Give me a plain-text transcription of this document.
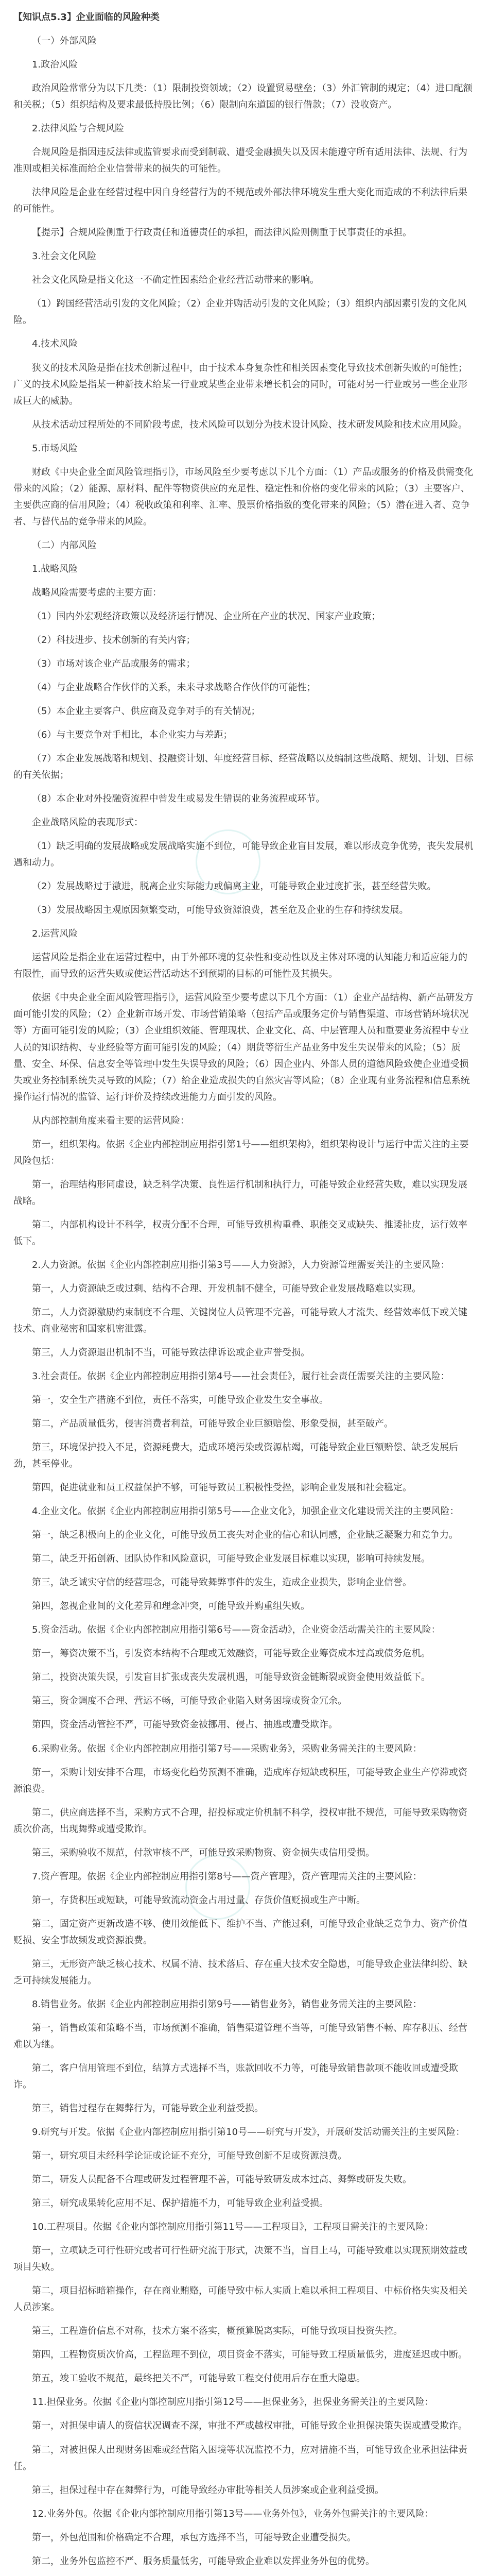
【知识点5.3】企业面临的风险种类

（一）外部风险

1.政治风险

政治风险常常分为以下几类：（1）限制投资领域；（2）设置贸易壁垒；（3）外汇管制的规定；（4）进口配额和关税；（5）组织结构及要求最低持股比例；（6）限制向东道国的银行借款；（7）没收资产。

2.法律风险与合规风险

合规风险是指因违反法律或监管要求而受到制裁、遭受金融损失以及因未能遵守所有适用法律、法规、行为准则或相关标准而给企业信誉带来的损失的可能性。

法律风险是企业在经营过程中因自身经营行为的不规范或外部法律环境发生重大变化而造成的不利法律后果的可能性。

【提示】合规风险侧重于行政责任和道德责任的承担，而法律风险则侧重于民事责任的承担。

3.社会文化风险

社会文化风险是指文化这一不确定性因素给企业经营活动带来的影响。

（1）跨国经营活动引发的文化风险；（2）企业并购活动引发的文化风险；（3）组织内部因素引发的文化风险。

4.技术风险

狭义的技术风险是指在技术创新过程中，由于技术本身复杂性和相关因素变化导致技术创新失败的可能性；广义的技术风险是指某一种新技术给某一行业或某些企业带来增长机会的同时，可能对另一行业或另一些企业形成巨大的威胁。

从技术活动过程所处的不同阶段考虑，技术风险可以划分为技术设计风险、技术研发风险和技术应用风险。

5.市场风险

财政《中央企业全面风险管理指引》，市场风险至少要考虑以下几个方面：（1）产品或服务的价格及供需变化带来的风险；（2）能源、原材料、配件等物资供应的充足性、稳定性和价格的变化带来的风险；（3）主要客户、主要供应商的信用风险；（4）税收政策和利率、汇率、股票价格指数的变化带来的风险；（5）潜在进入者、竞争者、与替代品的竞争带来的风险。

（二）内部风险

1.战略风险

战略风险需要考虑的主要方面：

（1）国内外宏观经济政策以及经济运行情况、企业所在产业的状况、国家产业政策；

（2）科技进步、技术创新的有关内容；

（3）市场对该企业产品或服务的需求；

（4）与企业战略合作伙伴的关系，未来寻求战略合作伙伴的可能性；

（5）本企业主要客户、供应商及竞争对手的有关情况；

（6）与主要竞争对手相比，本企业实力与差距；

（7）本企业发展战略和规划、投融资计划、年度经营目标、经营战略以及编制这些战略、规划、计划、目标的有关依据；

（8）本企业对外投融资流程中曾发生或易发生错误的业务流程或环节。

企业战略风险的表现形式：

（1）缺乏明确的发展战略或发展战略实施不到位，可能导致企业盲目发展，难以形成竞争优势，丧失发展机遇和动力。

（2）发展战略过于激进，脱离企业实际能力或偏离主业，可能导致企业过度扩张，甚至经营失败。

（3）发展战略因主观原因频繁变动，可能导致资源浪费，甚至危及企业的生存和持续发展。

2.运营风险

运营风险是指企业在运营过程中，由于外部环境的复杂性和变动性以及主体对环境的认知能力和适应能力的有限性，而导致的运营失败或使运营活动达不到预期的目标的可能性及其损失。

依据《中央企业全面风险管理指引》，运营风险至少要考虑以下几个方面：（1）企业产品结构、新产品研发方面可能引发的风险；（2）企业新市场开发、市场营销策略（包括产品或服务定价与销售渠道、市场营销环境状况等）方面可能引发的风险；（3）企业组织效能、管理现状、企业文化、高、中层管理人员和重要业务流程中专业人员的知识结构、专业经验等方面可能引发的风险；（4）期货等衍生产品业务中发生失误带来的风险；（5）质量、安全、环保、信息安全等管理中发生失误导致的风险；（6）因企业内、外部人员的道德风险致使企业遭受损失或业务控制系统失灵导致的风险；（7）给企业造成损失的自然灾害等风险；（8）企业现有业务流程和信息系统操作运行情况的监管、运行评价及持续改进能力方面引发的风险。

从内部控制角度来看主要的运营风险：

第一，组织架构。依据《企业内部控制应用指引第1号——组织架构》，组织架构设计与运行中需关注的主要风险包括：

第一，治理结构形同虚设，缺乏科学决策、良性运行机制和执行力，可能导致企业经营失败，难以实现发展战略。

第二，内部机构设计不科学，权责分配不合理，可能导致机构重叠、职能交叉或缺失、推诿扯皮，运行效率低下。

2.人力资源。依据《企业内部控制应用指引第3号——人力资源》，人力资源管理需要关注的主要风险：

第一，人力资源缺乏或过剩、结构不合理、开发机制不健全，可能导致企业发展战略难以实现。

第二，人力资源激励约束制度不合理、关键岗位人员管理不完善，可能导致人才流失、经营效率低下或关键技术、商业秘密和国家机密泄露。

第三，人力资源退出机制不当，可能导致法律诉讼或企业声誉受损。

3.社会责任。依据《企业内部控制应用指引第4号——社会责任》，履行社会责任需要关注的主要风险：

第一，安全生产措施不到位，责任不落实，可能导致企业发生安全事故。

第二，产品质量低劣，侵害消费者利益，可能导致企业巨额赔偿、形象受损，甚至破产。

第三，环境保护投入不足，资源耗费大，造成环境污染或资源枯竭，可能导致企业巨额赔偿、缺乏发展后劲，甚至停业。

第四，促进就业和员工权益保护不够，可能导致员工积极性受挫，影响企业发展和社会稳定。

4.企业文化。依据《企业内部控制应用指引第5号——企业文化》，加强企业文化建设需关注的主要风险：

第一，缺乏积极向上的企业文化，可能导致员工丧失对企业的信心和认同感，企业缺乏凝聚力和竞争力。

第二，缺乏开拓创新、团队协作和风险意识，可能导致企业发展目标难以实现，影响可持续发展。

第三，缺乏诚实守信的经营理念，可能导致舞弊事件的发生，造成企业损失，影响企业信誉。

第四，忽视企业间的文化差异和理念冲突，可能导致并购重组失败。

5.资金活动。依据《企业内部控制应用指引第6号——资金活动》，企业资金活动需关注的主要风险：

第一，筹资决策不当，引发资本结构不合理或无效融资，可能导致企业筹资成本过高或债务危机。

第二，投资决策失误，引发盲目扩张或丧失发展机遇，可能导致资金链断裂或资金使用效益低下。

第三，资金调度不合理、营运不畅，可能导致企业陷入财务困境或资金冗余。

第四，资金活动管控不严，可能导致资金被挪用、侵占、抽逃或遭受欺诈。

6.采购业务。依据《企业内部控制应用指引第7号——采购业务》，采购业务需关注的主要风险：

第一，采购计划安排不合理，市场变化趋势预测不准确，造成库存短缺或积压，可能导致企业生产停滞或资源浪费。

第二，供应商选择不当，采购方式不合理，招投标或定价机制不科学，授权审批不规范，可能导致采购物资质次价高，出现舞弊或遭受欺诈。

第三，采购验收不规范，付款审核不严，可能导致采购物资、资金损失或信用受损。

7.资产管理。依据《企业内部控制应用指引第8号——资产管理》，资产管理需关注的主要风险：

第一，存货积压或短缺，可能导致流动资金占用过量、存货价值贬损或生产中断。

第二，固定资产更新改造不够、使用效能低下、维护不当、产能过剩，可能导致企业缺乏竞争力、资产价值贬损、安全事故频发或资源浪费。

第三，无形资产缺乏核心技术、权属不清、技术落后、存在重大技术安全隐患，可能导致企业法律纠纷、缺乏可持续发展能力。

8.销售业务。依据《企业内部控制应用指引第9号——销售业务》，销售业务需关注的主要风险：

第一，销售政策和策略不当，市场预测不准确，销售渠道管理不当等，可能导致销售不畅、库存积压、经营难以为继。

第二，客户信用管理不到位，结算方式选择不当，账款回收不力等，可能导致销售款项不能收回或遭受欺诈。

第三，销售过程存在舞弊行为，可能导致企业利益受损。

9.研究与开发。依据《企业内部控制应用指引第10号——研究与开发》，开展研发活动需关注的主要风险：

第一，研究项目未经科学论证或论证不充分，可能导致创新不足或资源浪费。

第二，研发人员配备不合理或研发过程管理不善，可能导致研发成本过高、舞弊或研发失败。

第三，研究成果转化应用不足、保护措施不力，可能导致企业利益受损。

10.工程项目。依据《企业内部控制应用指引第11号——工程项目》，工程项目需关注的主要风险：

第一，立项缺乏可行性研究或者可行性研究流于形式，决策不当，盲目上马，可能导致难以实现预期效益或项目失败。

第二，项目招标暗箱操作，存在商业贿赂，可能导致中标人实质上难以承担工程项目、中标价格失实及相关人员涉案。

第三，工程造价信息不对称，技术方案不落实，概预算脱离实际，可能导致项目投资失控。

第四，工程物资质次价高，工程监理不到位，项目资金不落实，可能导致工程质量低劣，进度延迟或中断。

第五，竣工验收不规范，最终把关不严，可能导致工程交付使用后存在重大隐患。

11.担保业务。依据《企业内部控制应用指引第12号——担保业务》，担保业务需关注的主要风险：

第一，对担保申请人的资信状况调查不深，审批不严或越权审批，可能导致企业担保决策失误或遭受欺诈。

第二，对被担保人出现财务困难或经营陷入困境等状况监控不力，应对措施不当，可能导致企业承担法律责任。

第三，担保过程中存在舞弊行为，可能导致经办审批等相关人员涉案或企业利益受损。

12.业务外包。依据《企业内部控制应用指引第13号——业务外包》，业务外包需关注的主要风险：

第一，外包范围和价格确定不合理，承包方选择不当，可能导致企业遭受损失。

第二，业务外包监控不严、服务质量低劣，可能导致企业难以发挥业务外包的优势。
